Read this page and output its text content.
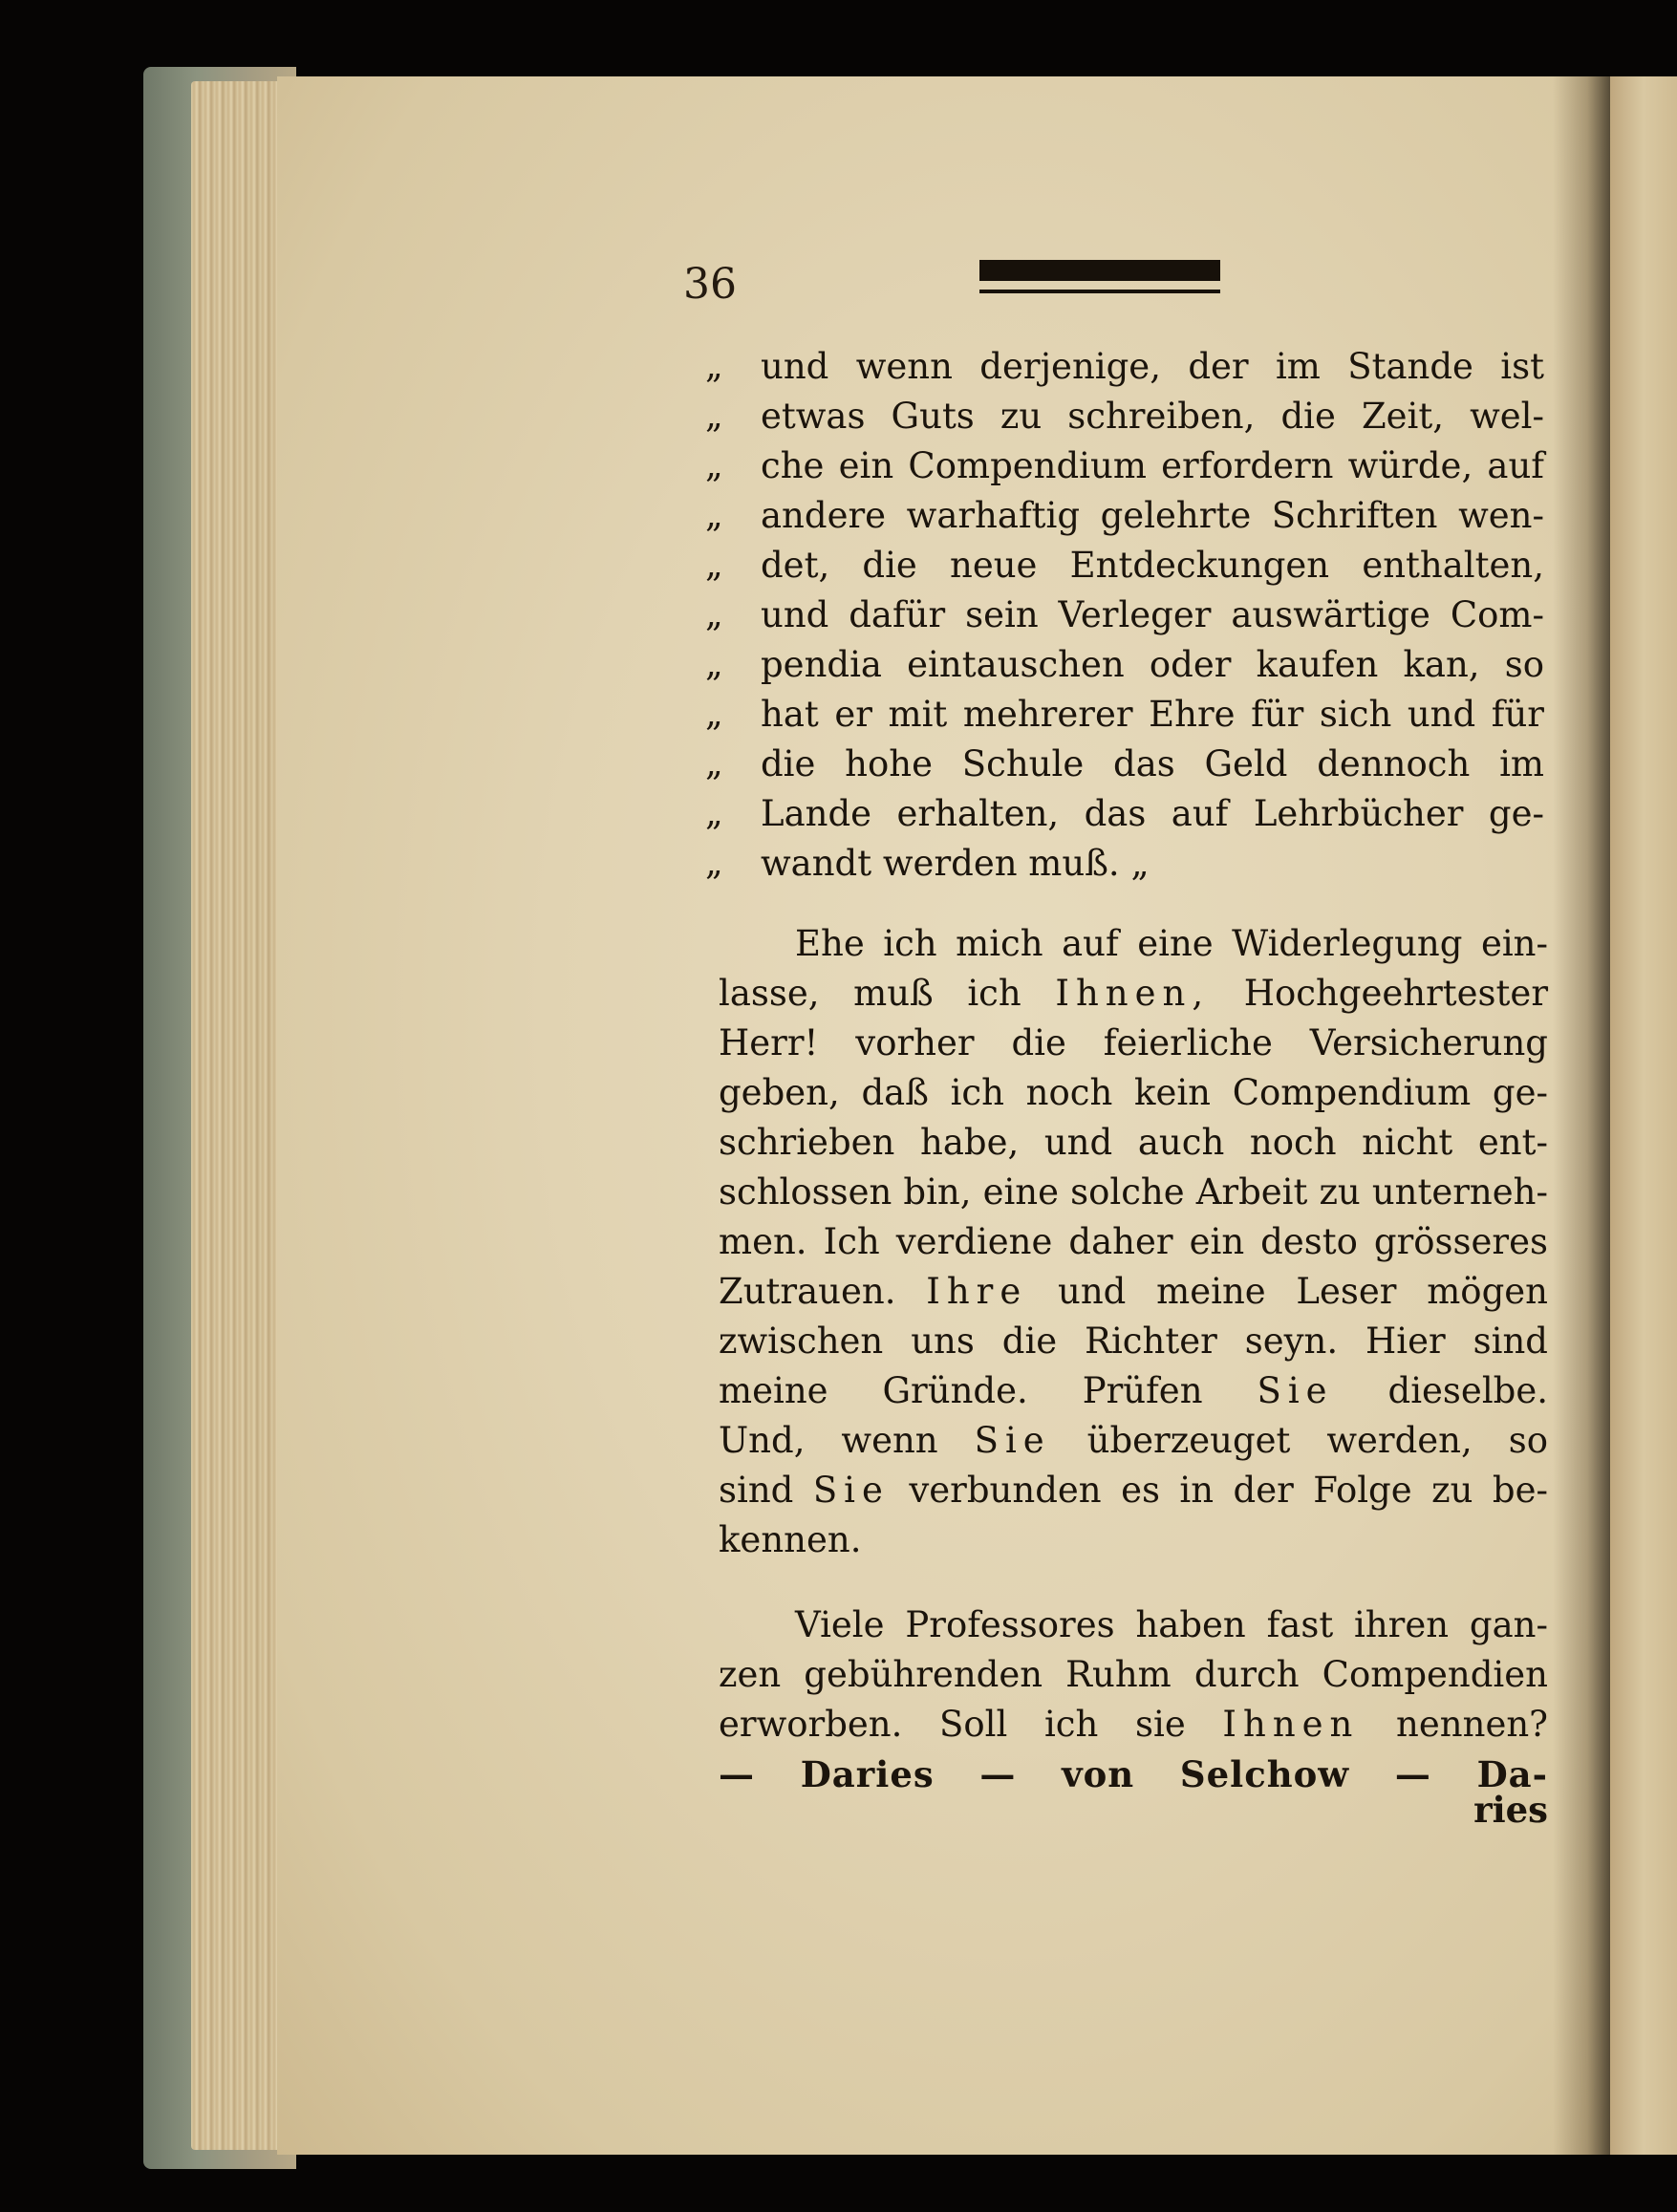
36
„
„
„
„
„
„
„
„
„
„
„
und wenn derjenige, der im Stande ist
etwas Guts zu schreiben, die Zeit, wel-
che ein Compendium erfordern würde, auf
andere warhaftig gelehrte Schriften wen-
det, die neue Entdeckungen enthalten,
und dafür sein Verleger auswärtige Com-
pendia eintauschen oder kaufen kan, so
hat er mit mehrerer Ehre für sich und für
die hohe Schule das Geld dennoch im
Lande erhalten, das auf Lehrbücher ge-
wandt werden muß. „
Ehe ich mich auf eine Widerlegung ein-
lasse, muß ich Ihnen, Hochgeehrtester
Herr! vorher die feierliche Versicherung
geben, daß ich noch kein Compendium ge-
schrieben habe, und auch noch nicht ent-
schlossen bin, eine solche Arbeit zu unterneh-
men. Ich verdiene daher ein desto grösseres
Zutrauen. Ihre und meine Leser mögen
zwischen uns die Richter seyn. Hier sind
meine Gründe. Prüfen Sie dieselbe.
Und, wenn Sie überzeuget werden, so
sind Sie verbunden es in der Folge zu be-
kennen.
Viele Professores haben fast ihren gan-
zen gebührenden Ruhm durch Compendien
erworben. Soll ich sie Ihnen nennen?
— Daries — von Selchow — Da-
ries
